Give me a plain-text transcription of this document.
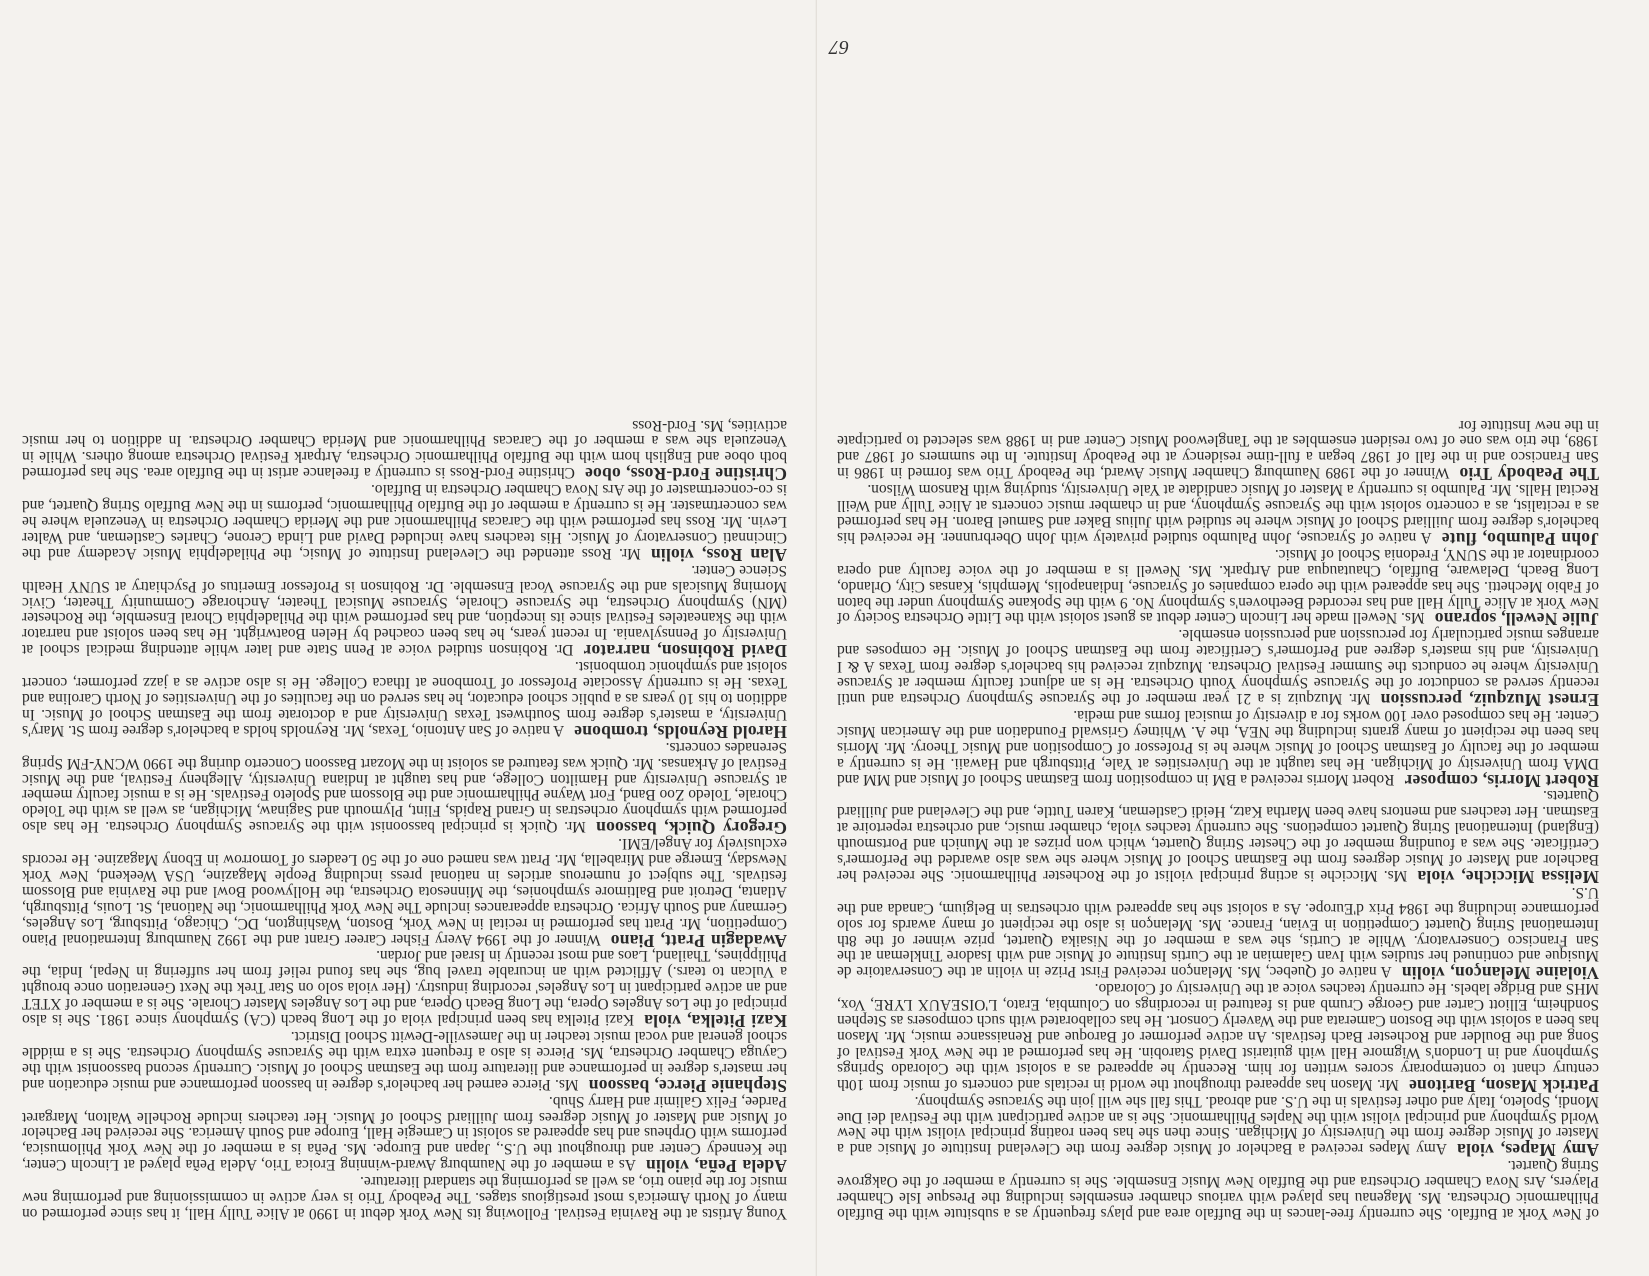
of New York at Buffalo. She currently free-lances in the Buffalo area and plays frequently as a subsitute with the Buffalo Philharmonic Orchestra. Ms. Magenau has played with various chamber ensembles including the Presque Isle Chamber Players, Ars Nova Chamber Orchestra and the Buffalo New Music Ensemble. She is currently a member of the Oakgrove String Quartet.

Amy Mapes, violaAmy Mapes received a Bachelor of Music degree from the Cleveland Institute of Music and a Master of Music degree from the University of Michigan. Since then she has been roating principal violist with the New World Symphony and principal violist with the Naples Philharmonic. She is an active participant with the Festival dei Due Mondi, Spoleto, Italy and other festivals in the U.S. and abroad. This fall she will join the Syracuse Symphony.

Patrick Mason, BaritoneMr. Mason has appeared throughout the world in recitals and concerts of music from 10th century chant to contemporary scores written for him. Recently he appeared as a soloist with the Colorado Springs Symphony and in London's Wigmore Hall with guitarist David Starobin. He has performed at the New York Festival of Song and the Boulder and Rochester Bach festivals. An active performer of Baroque and Renaissance music, Mr. Mason has been a soloist with the Boston Camerata and the Waverly Consort. He has collaborated with such composers as Stephen Sondheim, Elliott Carter and George Crumb and is featured in recordings on Columbia, Erato, L'OISEAUX LYRE, Vox, MHS and Bridge labels. He currently teaches voice at the University of Colorado.

Violaine Melançon, violinA native of Quebec, Ms. Melançon received First Prize in violin at the Conservatoire de Musique and continued her studies with Ivan Galamian at the Curtis Institute of Music and with Isadore Tinkleman at the San Francisco Conservatory. While at Curtis, she was a member of the Nisaika Quartet, prize winner of the 8th International String Quartet Competition in Evian, France. Ms. Melançon is also the recipient of many awards for solo performance including the 1984 Prix d'Europe. As a soloist she has appeared with orchestras in Belgium, Canada and the U.S.

Melissa Micciche, violaMs. Micciche is acting principal violist of the Rochester Philharmonic. She received her Bachelor and Master of Music degrees from the Eastman School of Music where she was also awarded the Performer's Certificate. She was a founding member of the Chester String Quartet, which won prizes at the Munich and Portsmouth (England) International String Quartet competions. She currently teaches viola, chamber music, and orchestra repertoire at Eastman. Her teachers and mentors have been Martha Katz, Heidi Castleman, Karen Tuttle, and the Cleveland and Juilliard Quartets.

Robert Morris, composerRobert Morris received a BM in composition from Eastman School of Music and MM and DMA from University of Michigan. He has taught at the Universities at Yale, Pittsburgh and Hawaii. He is currently a member of the faculty of Eastman School of Music where he is Professor of Composition and Music Theory. Mr. Morris has been the recipient of many grants including the NEA, the A. Whitney Griswald Foundation and the American Music Center. He has composed over 100 works for a diversity of musical forms and media.

Ernest Muzquiz, percussionMr. Muzquiz is a 21 year member of the Syracuse Symphony Orchestra and until recently served as conductor of the Syracuse Symphony Youth Orchestra. He is an adjunct faculty member at Syracuse University where he conducts the Summer Festival Orchestra. Muzquiz received his bachelor's degree from Texas A & I University, and his master's degree and Performer's Certificate from the Eastman School of Music. He composes and arranges music particularly for percussion and percussion ensemble.

Julie Newell, sopranoMs. Newell made her Lincoln Center debut as guest soloist with the Little Orchestra Society of New York at Alice Tully Hall and has recorded Beethoven's Symphony No. 9 with the Spokane Symphony under the baton of Fabio Mechetti. She has appeared with the opera companies of Syracuse, Indianapolis, Memphis, Kansas City, Orlando, Long Beach, Delaware, Buffalo, Chautauqua and Artpark. Ms. Newell is a member of the voice faculty and opera coordinator at the SUNY, Fredonia School of Music.

John Palumbo, fluteA native of Syracuse, John Palumbo studied privately with John Oberbrunner. He received his bachelor's degree from Juilliard School of Music where he studied with Julius Baker and Samuel Baron. He has performed as a recitalist, as a concerto soloist with the Syracuse Symphony, and in chamber music concerts at Alice Tully and Weill Recital Halls. Mr. Palumbo is currently a Master of Music candidate at Yale University, studying with Ransom Wilson.

The Peabody TrioWinner of the 1989 Naumburg Chamber Music Award, the Peabody Trio was formed in 1986 in San Francisco and in the fall of 1987 began a full-time residency at the Peabody Institute. In the summers of 1987 and 1989, the trio was one of two resident ensembles at the Tanglewood Music Center and in 1988 was selected to participate in the new Institute for

Young Artists at the Ravinia Festival. Following its New York debut in 1990 at Alice Tully Hall, it has since performed on many of North America's most prestigious stages. The Peabody Trio is very active in commissioning and performing new music for the piano trio, as well as performing the standard literature.

Adela Peña, violinAs a member of the Naumburg Award-winning Eroica Trio, Adela Peña played at Lincoln Center, the Kennedy Center and throughout the U.S., Japan and Europe. Ms. Peña is a member of the New York Philomusica, performs with Orpheus and has appeared as soloist in Carnegie Hall, Europe and South America. She received her Bachelor of Music and Master of Music degrees from Juilliard School of Music. Her teachers include Rochelle Walton, Margaret Pardee, Felix Galimir and Harry Shub.

Stephanie Pierce, bassoonMs. Pierce earned her bachelor's degree in bassoon performance and music education and her master's degree in performance and literature from the Eastman School of Music. Currently second bassoonist with the Cayuga Chamber Orchestra, Ms. Pierce is also a frequent extra with the Syracuse Symphony Orchestra. She is a middle school general and vocal music teacher in the Jamesville-Dewitt School District.

Kazi Pitelka, violaKazi Pitelka has been principal viola of the Long beach (CA) Symphony since 1981. She is also principal of the Los Angeles Opera, the Long Beach Opera, and the Los Angeles Master Chorale. She is a member of XTET and an active participant in Los Angeles' recording industry. (Her viola solo on Star Trek the Next Generation once brought a Vulcan to tears.) Afflicted with an incurable travel bug, she has found relief from her suffering in Nepal, India, the Philippines, Thailand, Laos and most recently in Israel and Jordan.

Awadagin Pratt, PianoWinner of the 1994 Avery Fisher Career Grant and the 1992 Naumburg International Piano Competition, Mr. Pratt has performed in recital in New York, Boston, Washington, DC, Chicago, Pittsburg, Los Angeles, Germany and South Africa. Orchestra appearances include The New York Philharmonic, the National, St. Louis, Pittsburgh, Atlanta, Detroit and Baltimore symphonies, the Minnesota Orchestra, the Hollywood Bowl and the Ravinia and Blossom festivals. The subject of numerous articles in national press including People Magazine, USA Weekend, New York Newsday, Emerge and Mirabella, Mr. Pratt was named one of the 50 Leaders of Tomorrow in Ebony Magazine. He records exclusively for Angel/EMI.

Gregory Quick, bassoonMr. Quick is principal bassoonist with the Syracuse Symphony Orchestra. He has also performed with symphony orchestras in Grand Rapids, Flint, Plymouth and Saginaw, Michigan, as well as with the Toledo Chorale, Toledo Zoo Band, Fort Wayne Philharmonic and the Blossom and Spoleto Festivals. He is a music faculty member at Syracuse University and Hamilton College, and has taught at Indiana University, Allegheny Festival, and the Music Festival of Arkansas. Mr. Quick was featured as soloist in the Mozart Bassoon Concerto during the 1990 WCNY-FM Spring Serenades concerts.

Harold Reynolds, tromboneA native of San Antonio, Texas, Mr. Reynolds holds a bachelor's degree from St. Mary's University, a master's degree from Southwest Texas University and a doctorate from the Eastman School of Music. In addition to his 10 years as a public school educator, he has served on the faculties of the Universities of North Carolina and Texas. He is currently Associate Professor of Trombone at Ithaca College. He is also active as a jazz performer, concert soloist and symphonic trombonist.

David Robinson, narratorDr. Robinson studied voice at Penn State and later while attending medical school at University of Pennsylvania. In recent years, he has been coached by Helen Boatwright. He has been soloist and narrator with the Skaneateles Festival since its inception, and has performed with the Philadelphia Choral Ensemble, the Rochester (MN) Symphony Orchestra, the Syracuse Chorale, Syracuse Musical Theater, Anchorage Community Theater, Civic Morning Musicals and the Syracuse Vocal Ensemble. Dr. Robinson is Professor Emeritus of Psychiatry at SUNY Health Science Center.

Alan Ross, violinMr. Ross attended the Cleveland Institute of Music, the Philadelphia Music Academy and the Cincinnati Conservatory of Music. His teachers have included David and Linda Cerone, Charles Castleman, and Walter Levin. Mr. Ross has performed with the Caracas Philharmonic and the Merida Chamber Orchestra in Venezuela where he was concertmaster. He is currently a member of the Buffalo Philharmonic, performs in the New Buffalo String Quartet, and is co-concertmaster of the Ars Nova Chamber Orchestra in Buffalo.

Christine Ford-Ross, oboeChristine Ford-Ross is currently a freelance artist in the Buffalo area. She has performed both oboe and English horn with the Buffalo Philharmonic Orchestra, Artpark Festival Orchestra among others. While in Venezuela she was a member of the Caracas Philharmonic and Merida Chamber Orchestra. In addition to her music activities, Ms. Ford-Ross

67
